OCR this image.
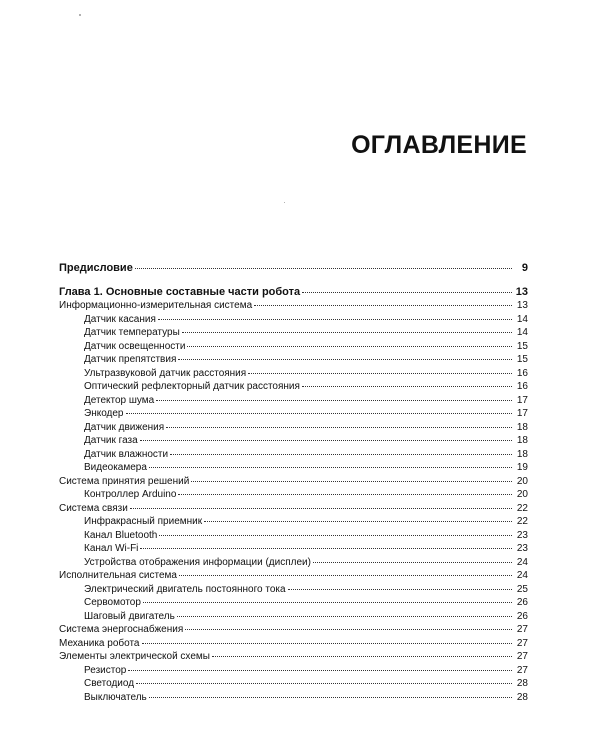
ОГЛАВЛЕНИЕ
Предисловие	9
Глава 1. Основные составные части робота	13
Информационно-измерительная система	13
Датчик касания	14
Датчик температуры	14
Датчик освещенности	15
Датчик препятствия	15
Ультразвуковой датчик расстояния	16
Оптический рефлекторный датчик расстояния	16
Детектор шума	17
Энкодер	17
Датчик движения	18
Датчик газа	18
Датчик влажности	18
Видеокамера	19
Система принятия решений	20
Контроллер Arduino	20
Система связи	22
Инфракрасный приемник	22
Канал Bluetooth	23
Канал Wi-Fi	23
Устройства отображения информации (дисплеи)	24
Исполнительная система	24
Электрический двигатель постоянного тока	25
Сервомотор	26
Шаговый двигатель	26
Система энергоснабжения	27
Механика робота	27
Элементы электрической схемы	27
Резистор	27
Светодиод	28
Выключатель	28
